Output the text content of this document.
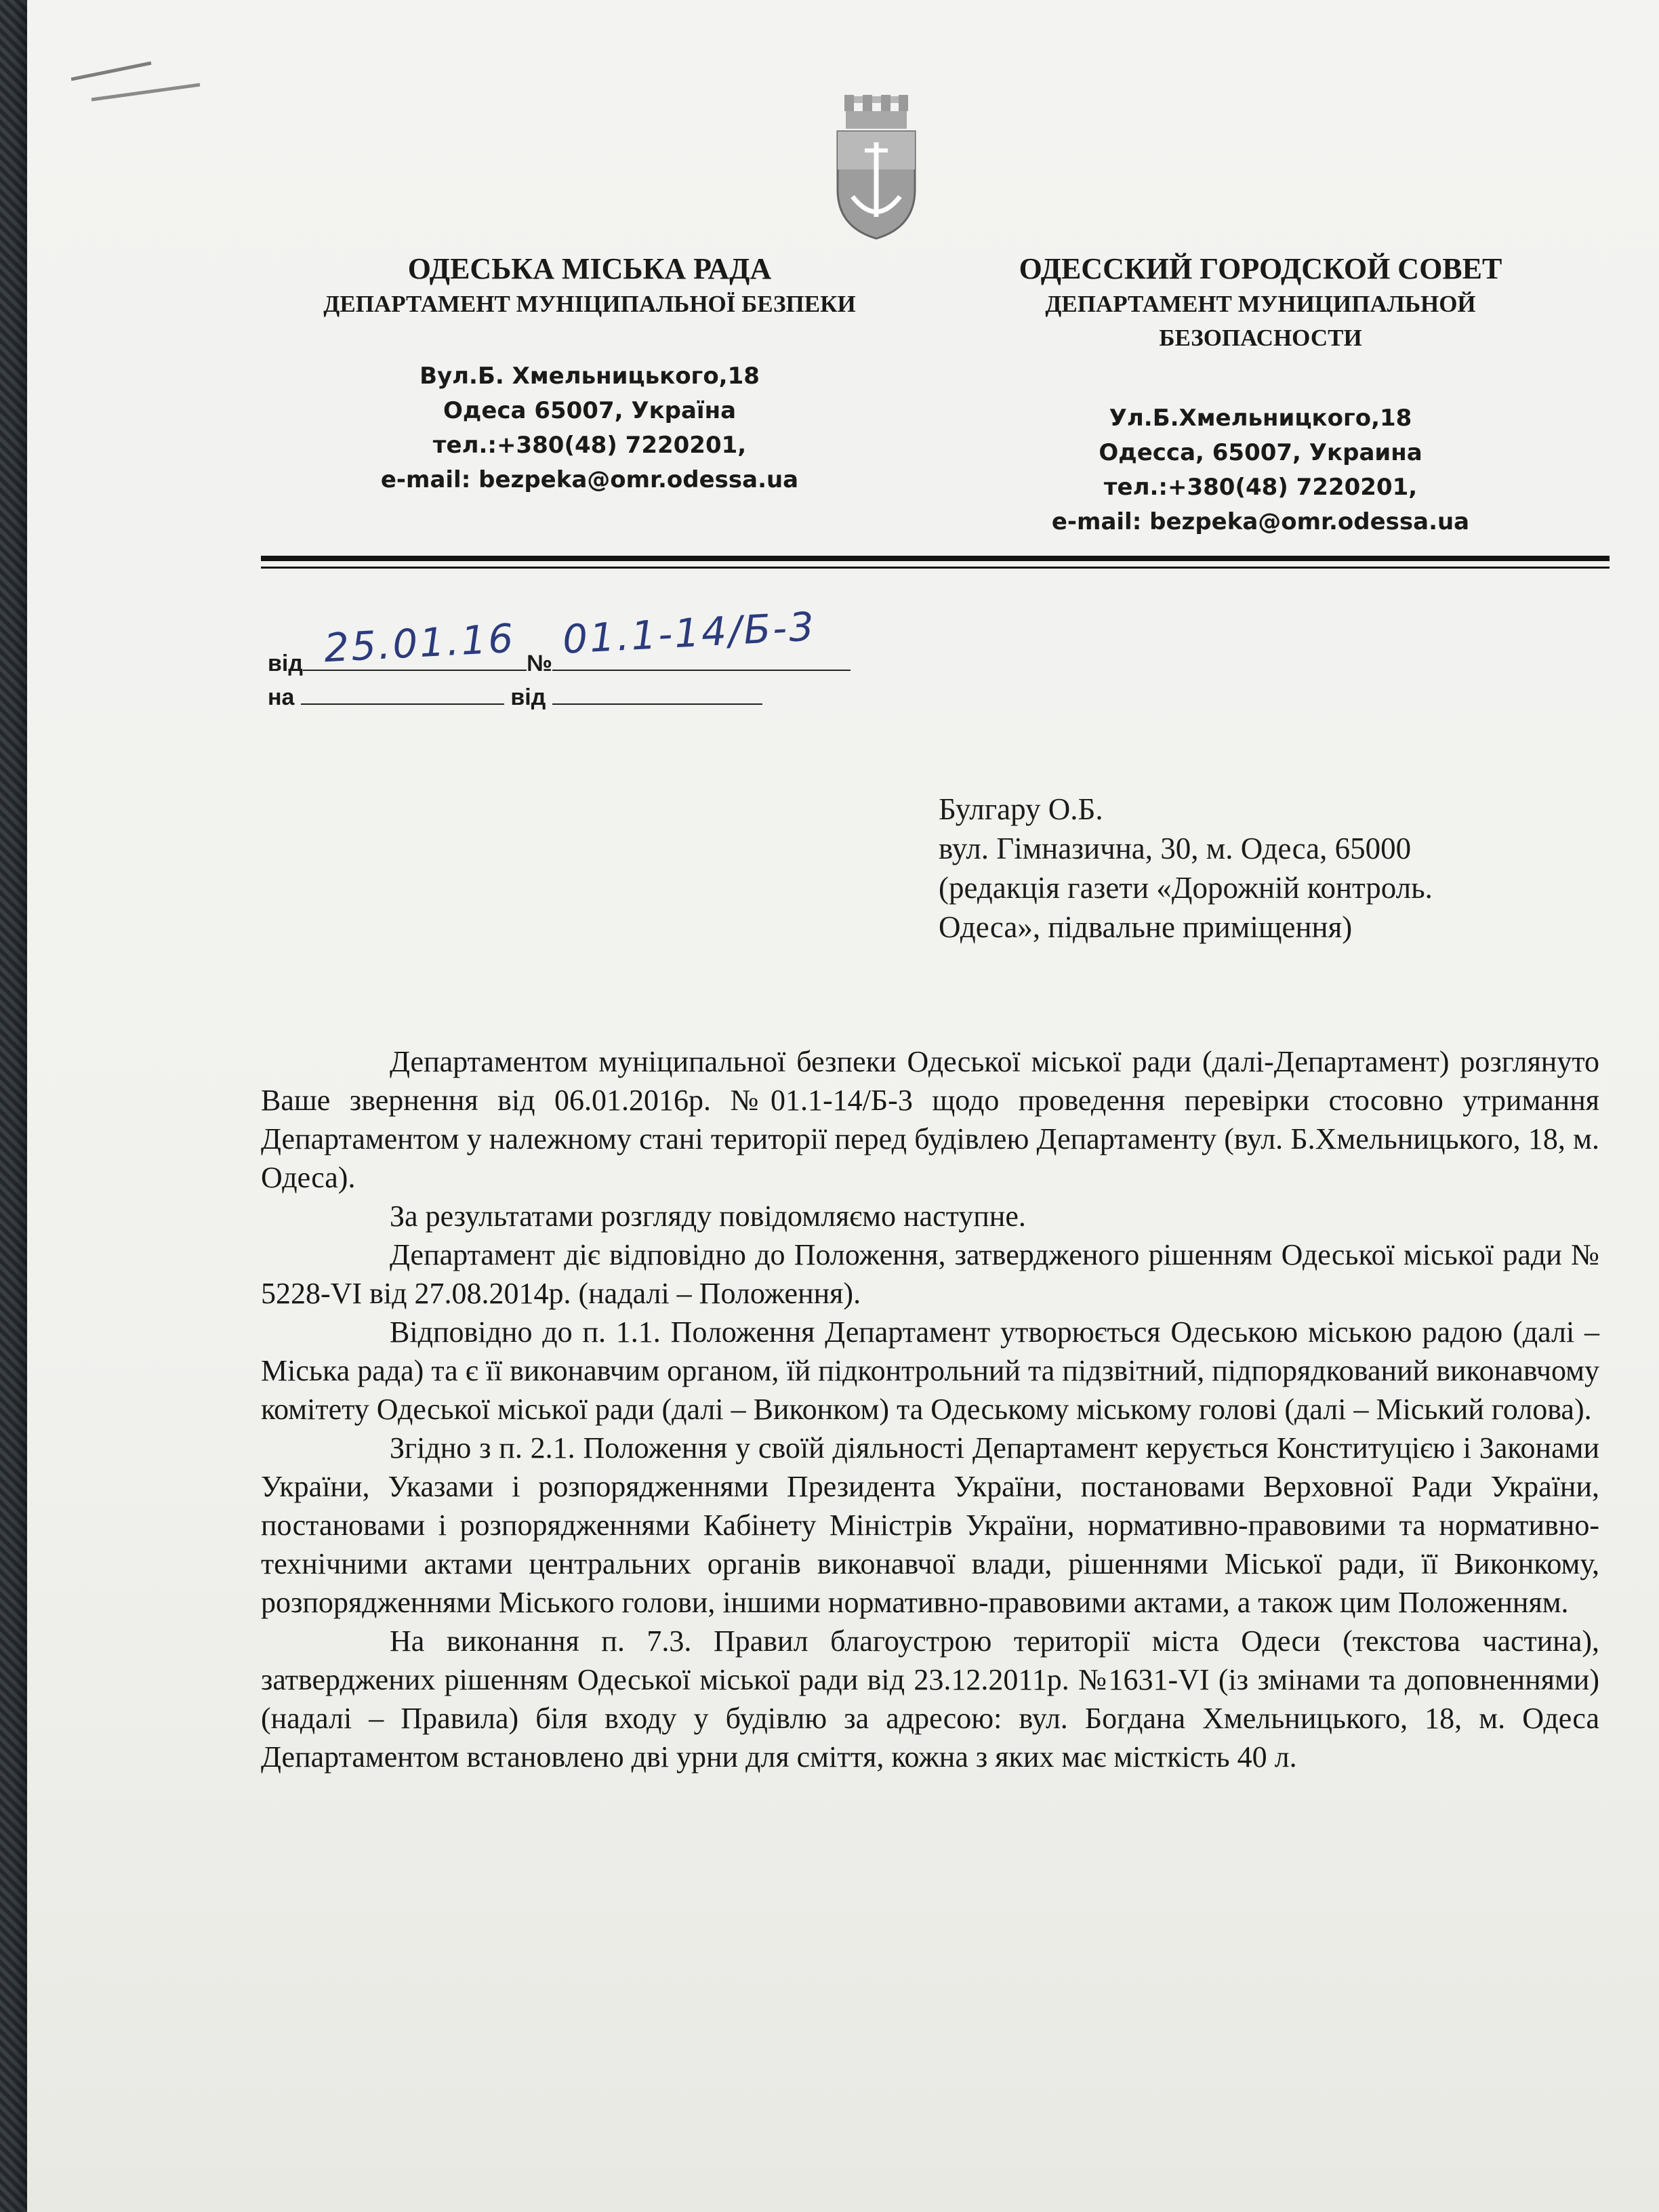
ОДЕСЬКА МІСЬКА РАДА
ДЕПАРТАМЕНТ МУНІЦИПАЛЬНОЇ БЕЗПЕКИ
Вул.Б. Хмельницького,18
Одеса 65007, Україна
тел.:+380(48) 7220201,
e-mail: bezpeka@omr.odessa.ua
ОДЕССКИЙ ГОРОДСКОЙ СОВЕТ
ДЕПАРТАМЕНТ МУНИЦИПАЛЬНОЙ
БЕЗОПАСНОСТИ
Ул.Б.Хмельницкого,18
Одесса, 65007, Украина
тел.:+380(48) 7220201,
e-mail: bezpeka@omr.odessa.ua
від	№
на	від
25.01.16 01.1-14/Б-3
Булгару О.Б.
вул. Гімназична, 30, м. Одеса, 65000
(редакція газети «Дорожній контроль.
Одеса», підвальне приміщення)

Департаментом муніципальної безпеки Одеської міської ради (далі-Департамент) розглянуто Ваше звернення від 06.01.2016р. №01.1-14/Б-3 щодо проведення перевірки стосовно утримання Департаментом у належному стані території перед будівлею Департаменту (вул. Б.Хмельницького, 18, м. Одеса).

За результатами розгляду повідомляємо наступне.

Департамент діє відповідно до Положення, затвердженого рішенням Одеської міської ради № 5228-VI від 27.08.2014р. (надалі – Положення).

Відповідно до п. 1.1. Положення Департамент утворюється Одеською міською радою (далі – Міська рада) та є її виконавчим органом, їй підконтрольний та підзвітний, підпорядкований виконавчому комітету Одеської міської ради (далі – Виконком) та Одеському міському голові (далі – Міський голова).

Згідно з п. 2.1. Положення у своїй діяльності Департамент керується Конституцією і Законами України, Указами і розпорядженнями Президента України, постановами Верховної Ради України, постановами і розпорядженнями Кабінету Міністрів України, нормативно-правовими та нормативно-технічними актами центральних органів виконавчої влади, рішеннями Міської ради, її Виконкому, розпорядженнями Міського голови, іншими нормативно-правовими актами, а також цим Положенням.

На виконання п. 7.3. Правил благоустрою території міста Одеси (текстова частина), затверджених рішенням Одеської міської ради від 23.12.2011р. №1631-VI (із змінами та доповненнями) (надалі – Правила) біля входу у будівлю за адресою: вул. Богдана Хмельницького, 18, м. Одеса Департаментом встановлено дві урни для сміття, кожна з яких має місткість 40 л.
